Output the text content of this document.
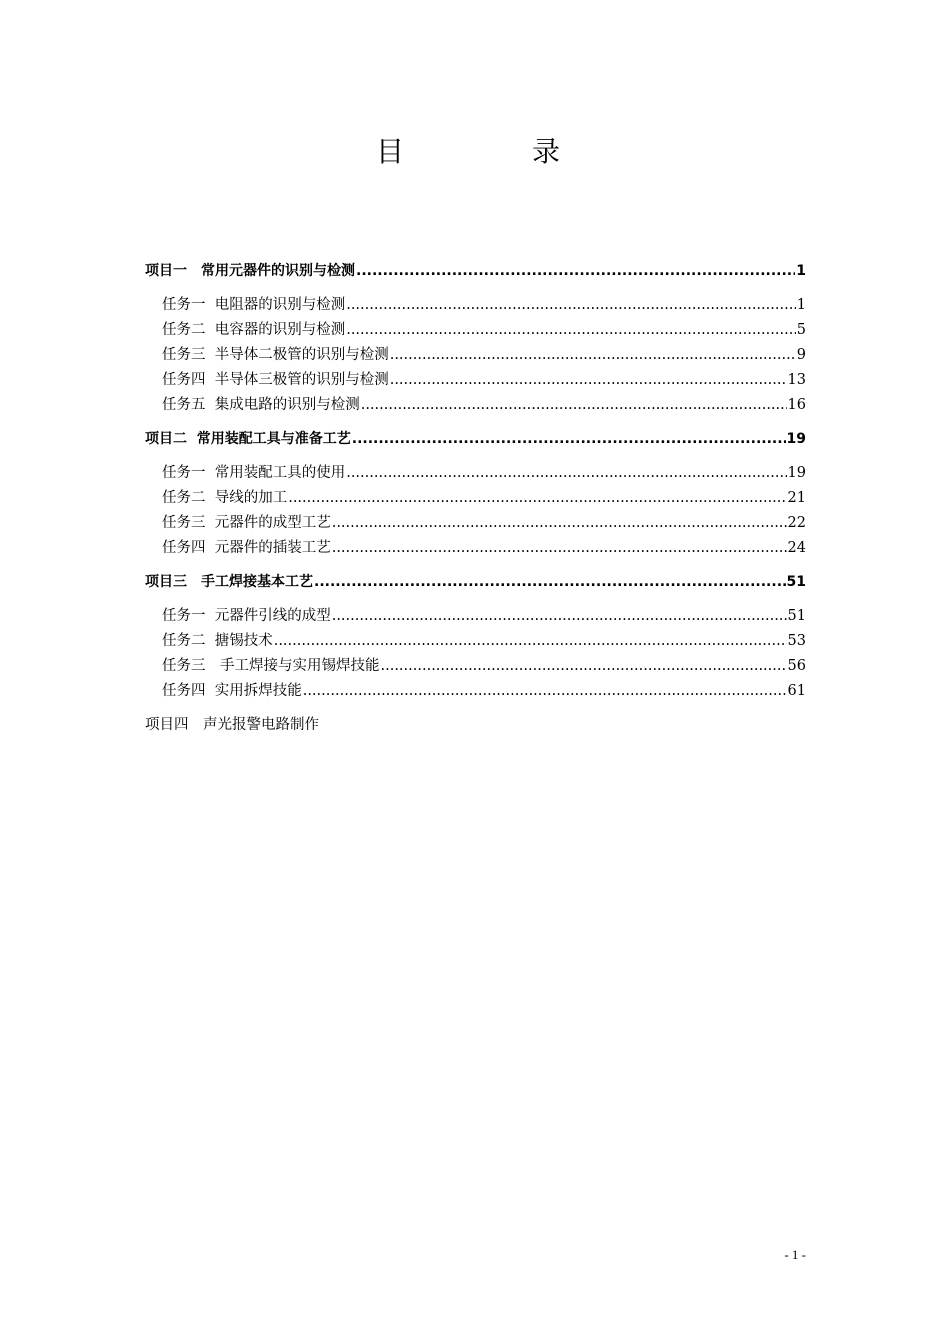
目　录
项目一　常用元器件的识别与检测 .....	1
任务一  电阻器的识别与检测 .....	1
任务二  电容器的识别与检测 .....	5
任务三  半导体二极管的识别与检测 .....	9
任务四  半导体三极管的识别与检测 .....	13
任务五  集成电路的识别与检测 .....	16
项目二  常用装配工具与准备工艺 .....	19
任务一  常用装配工具的使用 .....	19
任务二  导线的加工 .....	21
任务三  元器件的成型工艺 .....	22
任务四  元器件的插装工艺 .....	24
项目三　手工焊接基本工艺 .....	51
任务一  元器件引线的成型 .....	51
任务二  搪锡技术 .....	53
任务三　手工焊接与实用锡焊技能 .....	56
任务四  实用拆焊技能 .....	61
项目四　声光报警电路制作
- 1 -
